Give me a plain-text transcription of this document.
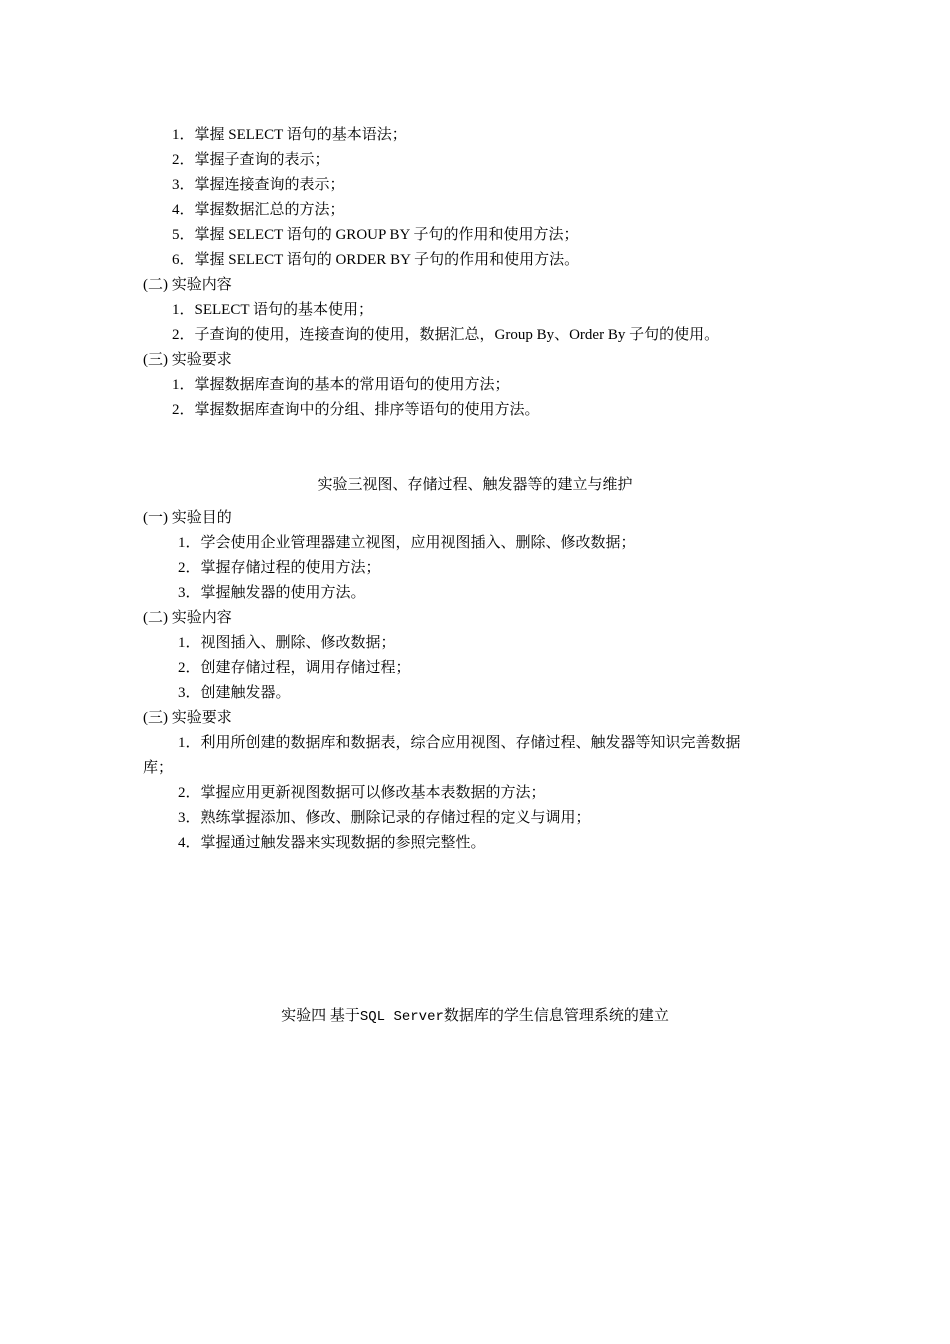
1．掌握 SELECT 语句的基本语法；
2．掌握子查询的表示；
3．掌握连接查询的表示；
4．掌握数据汇总的方法；
5．掌握 SELECT 语句的 GROUP BY 子句的作用和使用方法；
6．掌握 SELECT 语句的 ORDER BY 子句的作用和使用方法。
(二) 实验内容
1．SELECT 语句的基本使用；
2．子查询的使用，连接查询的使用，数据汇总，Group By、Order By 子句的使用。
(三) 实验要求
1．掌握数据库查询的基本的常用语句的使用方法；
2．掌握数据库查询中的分组、排序等语句的使用方法。
实验三视图、存储过程、触发器等的建立与维护
(一) 实验目的
1．学会使用企业管理器建立视图，应用视图插入、删除、修改数据；
2．掌握存储过程的使用方法；
3．掌握触发器的使用方法。
(二) 实验内容
1．视图插入、删除、修改数据；
2．创建存储过程，调用存储过程；
3．创建触发器。
(三) 实验要求
1．利用所创建的数据库和数据表，综合应用视图、存储过程、触发器等知识完善数据
库；
2．掌握应用更新视图数据可以修改基本表数据的方法；
3．熟练掌握添加、修改、删除记录的存储过程的定义与调用；
4．掌握通过触发器来实现数据的参照完整性。
实验四 基于SQL Server数据库的学生信息管理系统的建立
